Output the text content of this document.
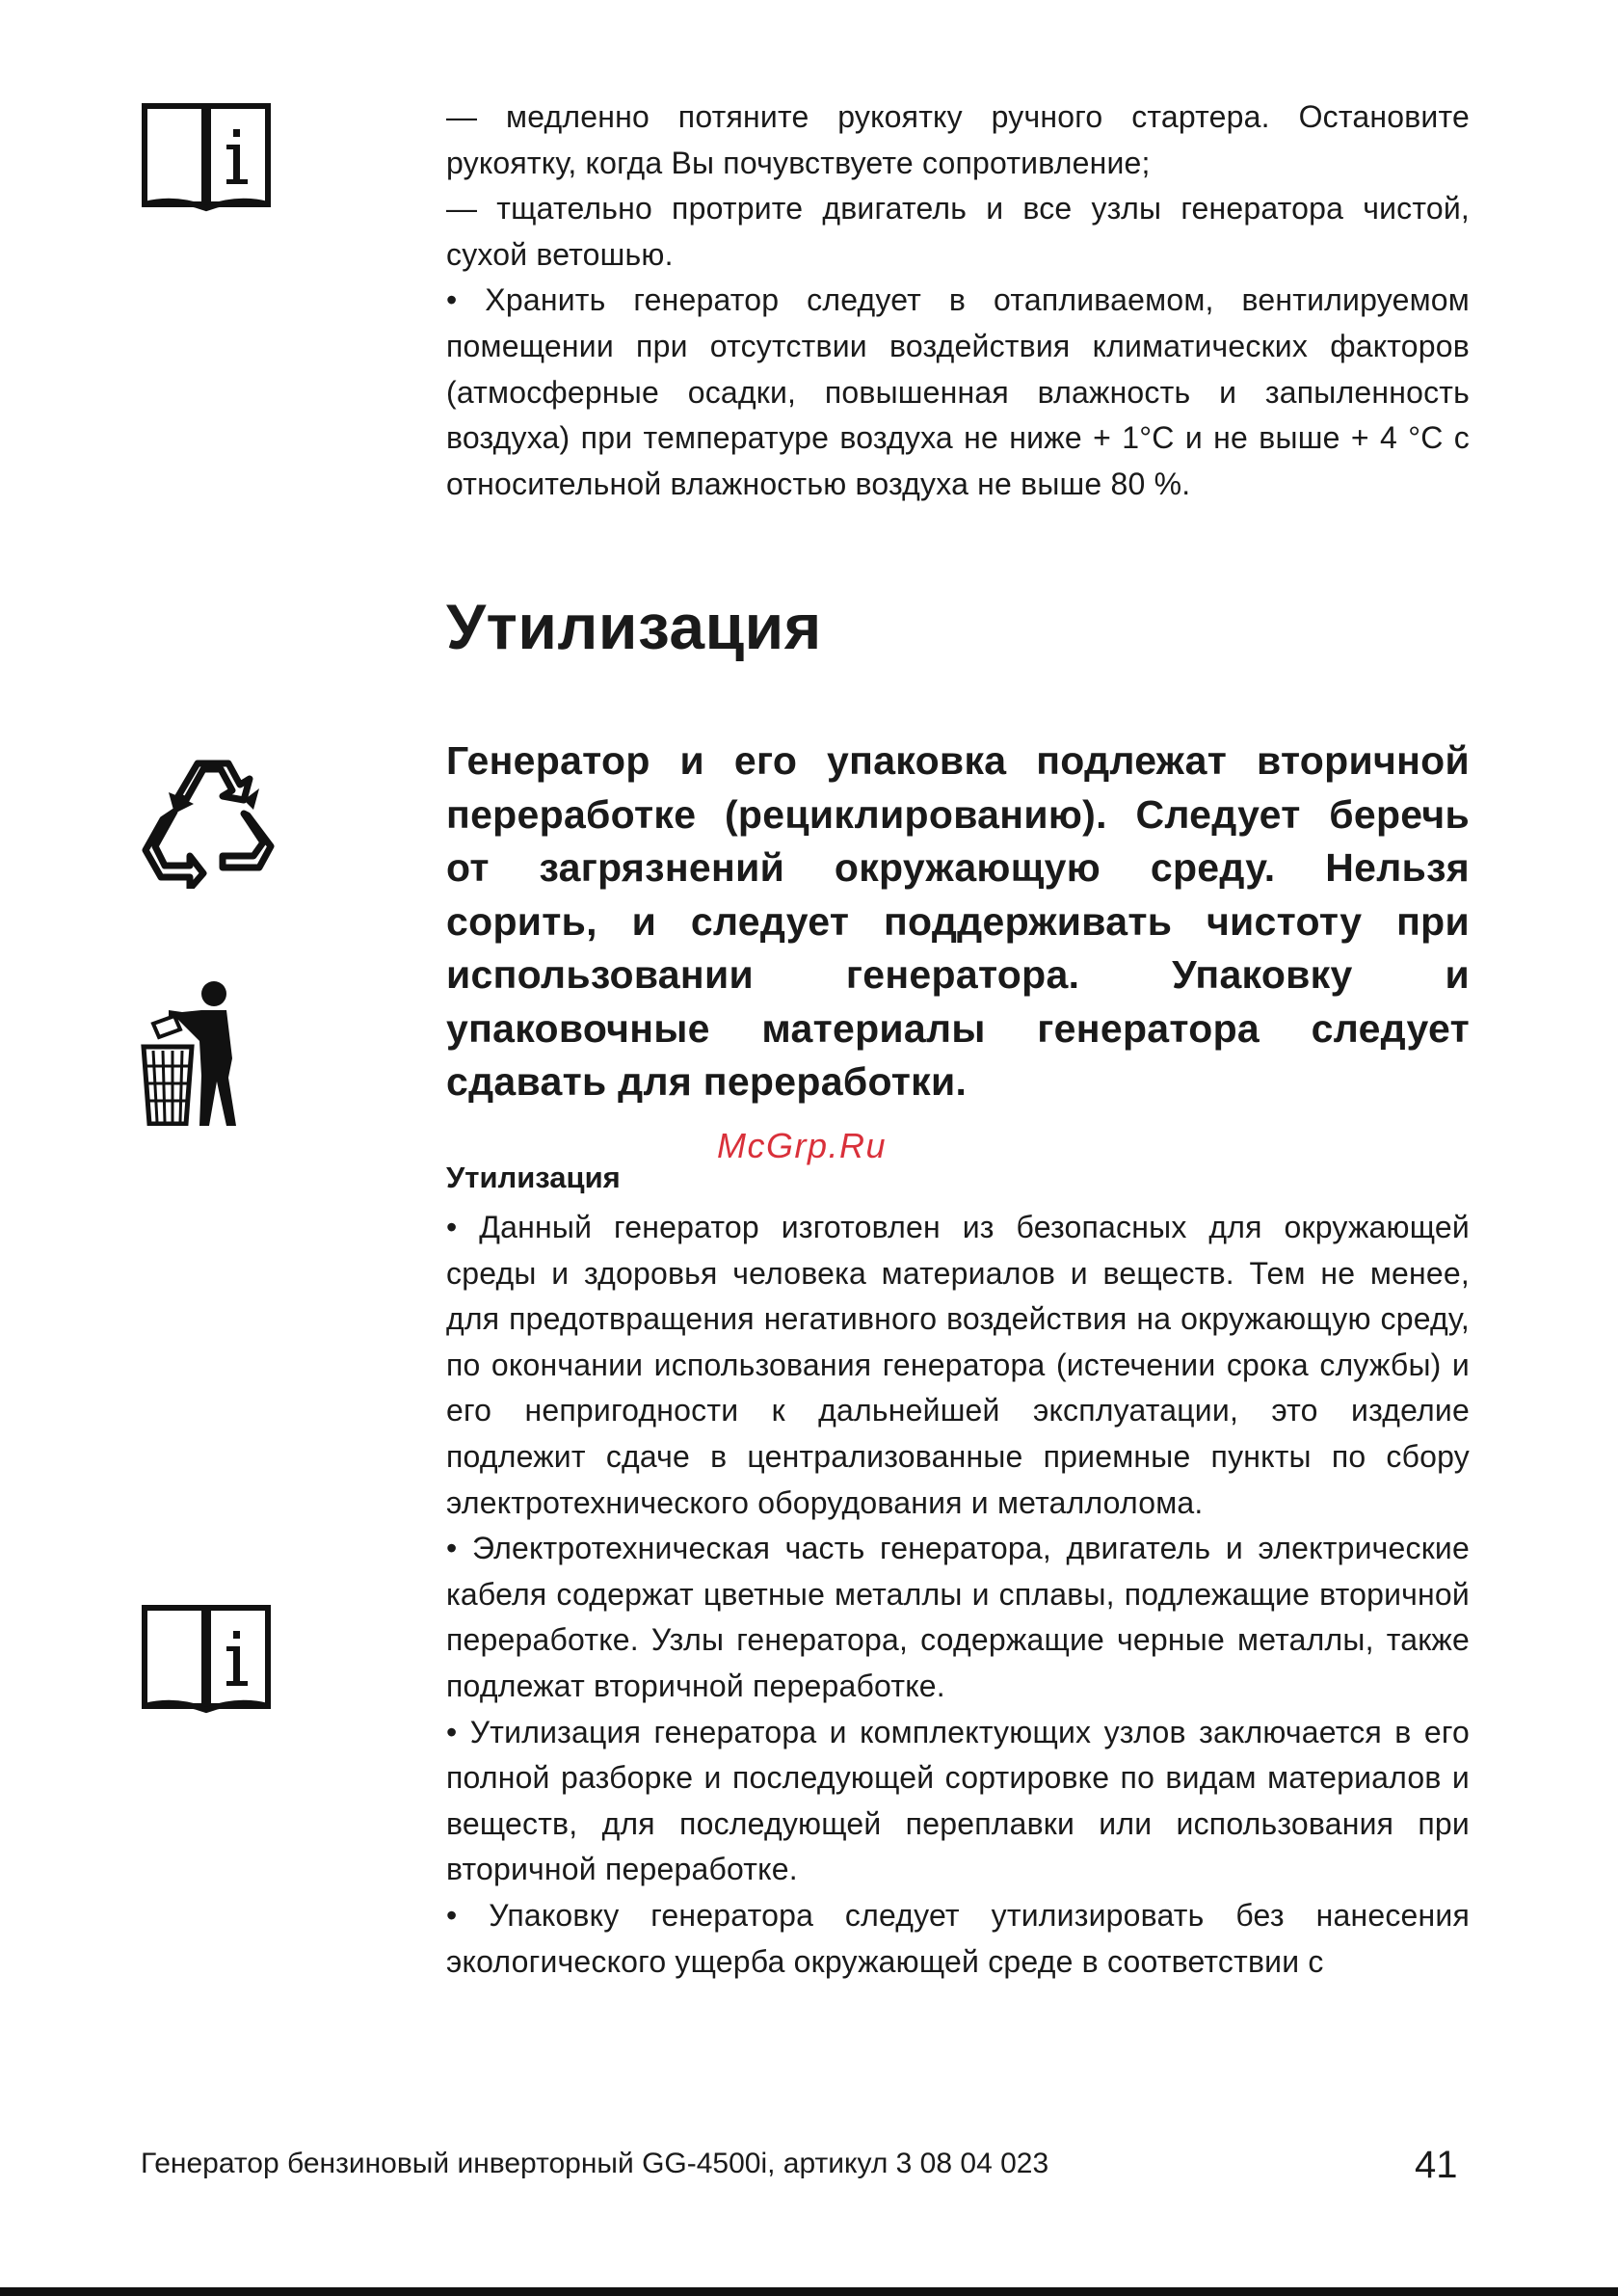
— медленно потяните рукоятку ручного стартера. Остановите рукоятку, когда Вы почувствуете сопротивление;

— тщательно протрите двигатель и все узлы генератора чистой, сухой ветошью.

• Хранить генератор следует в отапливаемом, вентилируемом помещении при отсутствии воздействия климатических факторов (атмосферные осадки, повышенная влажность и запыленность воздуха) при температуре воздуха не ниже + 1°С и не выше + 4 °С с относительной влажностью воздуха не выше 80 %.

Утилизация

Генератор и его упаковка подлежат вторичной переработке (рециклированию). Следует беречь от загрязнений окружающую среду. Нельзя сорить, и следует поддерживать чистоту при использовании генератора. Упаковку и упаковочные материалы генератора следует сдавать для переработки.

McGrp.Ru
Утилизация

• Данный генератор изготовлен из безопасных для окружающей среды и здоровья человека материалов и веществ. Тем не менее, для предотвращения негативного воздействия на окружающую среду, по окончании использования генератора (истечении срока службы) и его непригодности к дальнейшей эксплуатации, это изделие подлежит сдаче в централизованные приемные пункты по сбору электротехнического оборудования и металлолома.

• Электротехническая часть генератора, двигатель и электрические кабеля содержат цветные металлы и сплавы, подлежащие вторичной переработке. Узлы генератора, содержащие черные металлы, также подлежат вторичной переработке.

• Утилизация генератора и комплектующих узлов заключается в его полной разборке и последующей сортировке по видам материалов и веществ, для последующей переплавки или использования при вторичной переработке.

• Упаковку генератора следует утилизировать без нанесения экологического ущерба окружающей среде в соответствии с

Генератор бензиновый инверторный GG-4500i, артикул 3 08 04 023	41
